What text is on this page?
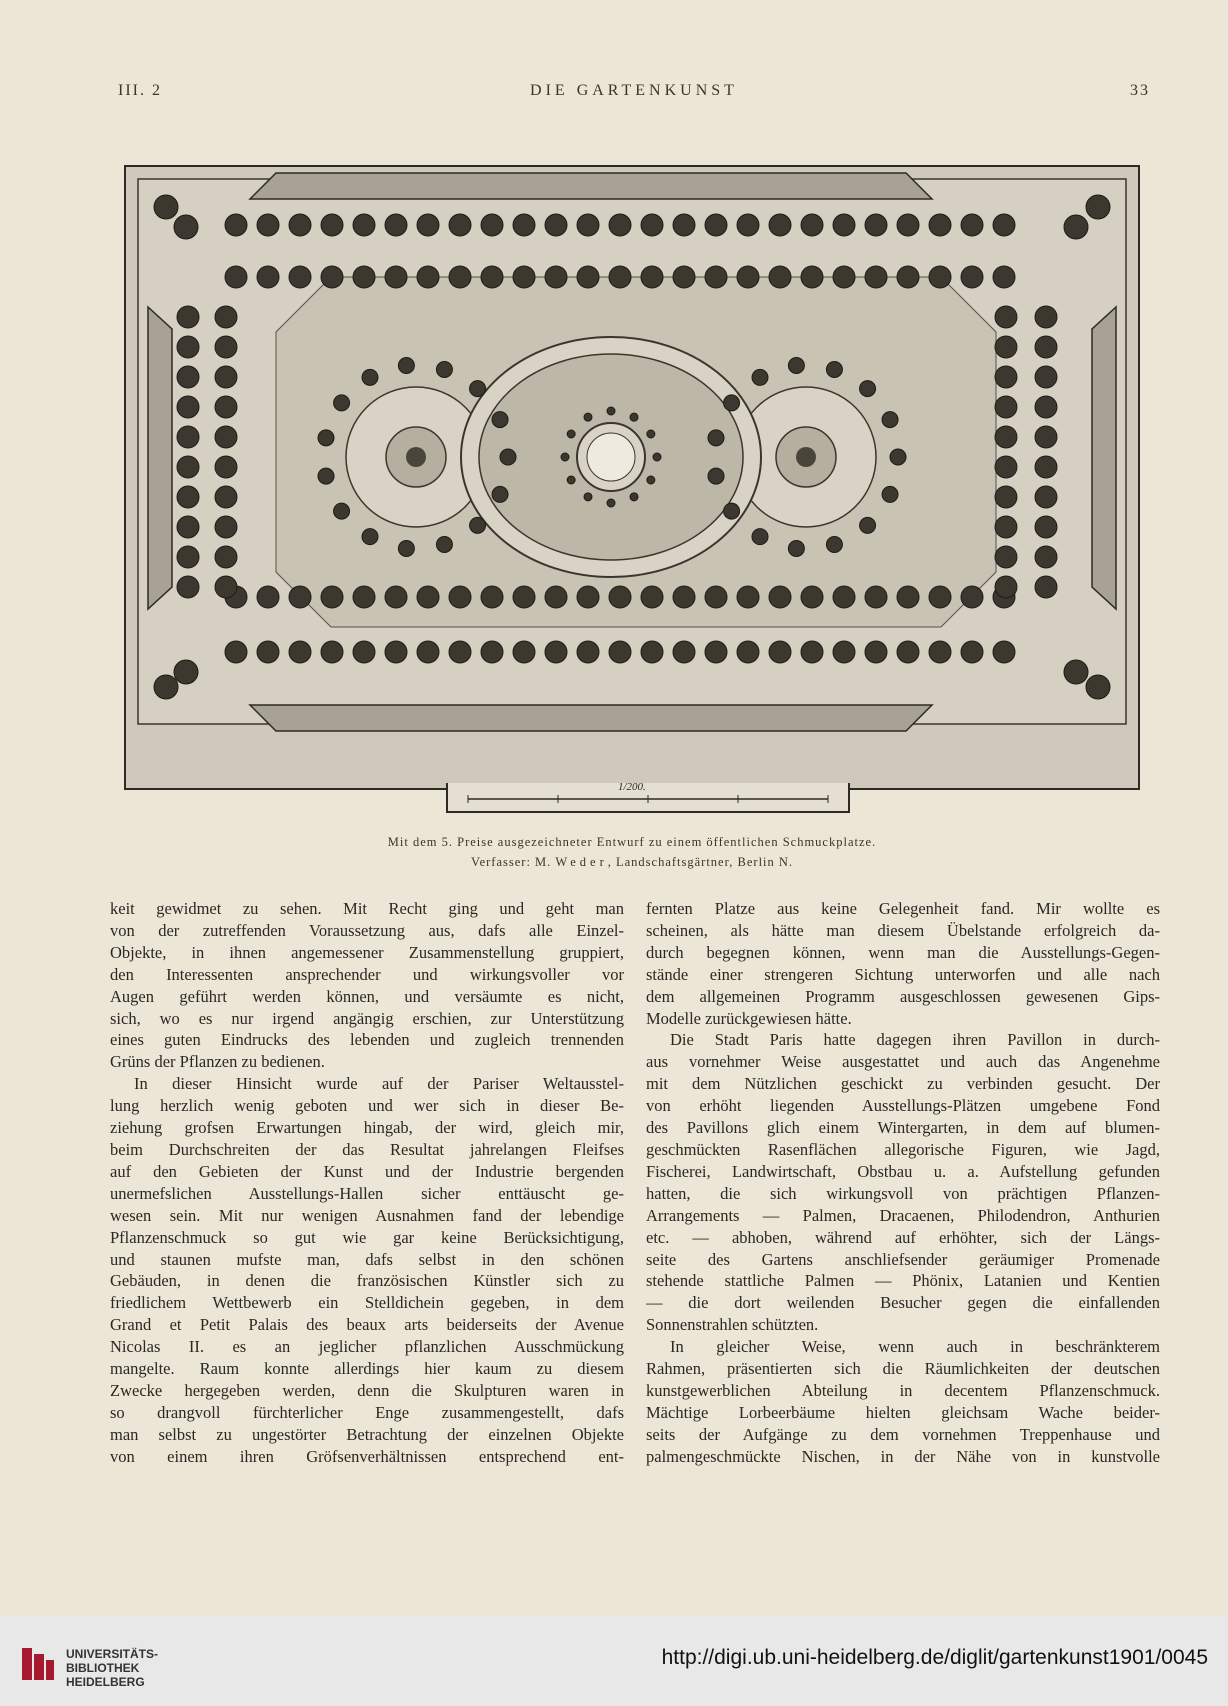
III. 2	DIE GARTENKUNST	33
1/200.
Mit dem 5. Preise ausgezeichneter Entwurf zu einem öffentlichen Schmuckplatze.
Verfasser: M. Weder, Landschaftsgärtner, Berlin N.
keit gewidmet zu sehen. Mit Recht ging und geht man
von der zutreffenden Voraussetzung aus, dafs alle Einzel-
Objekte, in ihnen angemessener Zusammenstellung gruppiert,
den Interessenten ansprechender und wirkungsvoller vor
Augen geführt werden können, und versäumte es nicht,
sich, wo es nur irgend angängig erschien, zur Unterstützung
eines guten Eindrucks des lebenden und zugleich trennenden
Grüns der Pflanzen zu bedienen.
In dieser Hinsicht wurde auf der Pariser Weltausstel-
lung herzlich wenig geboten und wer sich in dieser Be-
ziehung grofsen Erwartungen hingab, der wird, gleich mir,
beim Durchschreiten der das Resultat jahrelangen Fleifses
auf den Gebieten der Kunst und der Industrie bergenden
unermefslichen Ausstellungs-Hallen sicher enttäuscht ge-
wesen sein. Mit nur wenigen Ausnahmen fand der lebendige
Pflanzenschmuck so gut wie gar keine Berücksichtigung,
und staunen mufste man, dafs selbst in den schönen
Gebäuden, in denen die französischen Künstler sich zu
friedlichem Wettbewerb ein Stelldichein gegeben, in dem
Grand et Petit Palais des beaux arts beiderseits der Avenue
Nicolas II. es an jeglicher pflanzlichen Ausschmückung
mangelte. Raum konnte allerdings hier kaum zu diesem
Zwecke hergegeben werden, denn die Skulpturen waren in
so drangvoll fürchterlicher Enge zusammengestellt, dafs
man selbst zu ungestörter Betrachtung der einzelnen Objekte
von einem ihren Gröfsenverhältnissen entsprechend ent-
fernten Platze aus keine Gelegenheit fand. Mir wollte es
scheinen, als hätte man diesem Übelstande erfolgreich da-
durch begegnen können, wenn man die Ausstellungs-Gegen-
stände einer strengeren Sichtung unterworfen und alle nach
dem allgemeinen Programm ausgeschlossen gewesenen Gips-
Modelle zurückgewiesen hätte.
Die Stadt Paris hatte dagegen ihren Pavillon in durch-
aus vornehmer Weise ausgestattet und auch das Angenehme
mit dem Nützlichen geschickt zu verbinden gesucht. Der
von erhöht liegenden Ausstellungs-Plätzen umgebene Fond
des Pavillons glich einem Wintergarten, in dem auf blumen-
geschmückten Rasenflächen allegorische Figuren, wie Jagd,
Fischerei, Landwirtschaft, Obstbau u. a. Aufstellung gefunden
hatten, die sich wirkungsvoll von prächtigen Pflanzen-
Arrangements — Palmen, Dracaenen, Philodendron, Anthurien
etc. — abhoben, während auf erhöhter, sich der Längs-
seite des Gartens anschliefsender geräumiger Promenade
stehende stattliche Palmen — Phönix, Latanien und Kentien
— die dort weilenden Besucher gegen die einfallenden
Sonnenstrahlen schützten.
In gleicher Weise, wenn auch in beschränkterem
Rahmen, präsentierten sich die Räumlichkeiten der deutschen
kunstgewerblichen Abteilung in decentem Pflanzenschmuck.
Mächtige Lorbeerbäume hielten gleichsam Wache beider-
seits der Aufgänge zu dem vornehmen Treppenhause und
palmengeschmückte Nischen, in der Nähe von in kunstvolle
UNIVERSITÄTS-
BIBLIOTHEK
HEIDELBERG
http://digi.ub.uni-heidelberg.de/diglit/gartenkunst1901/0045
